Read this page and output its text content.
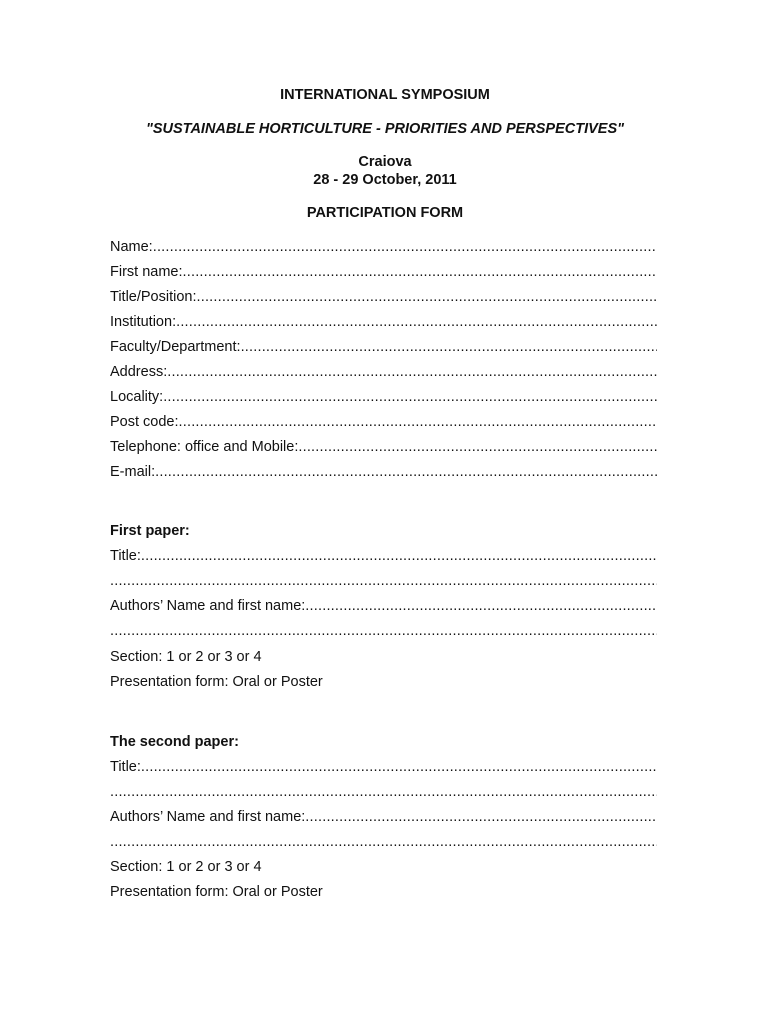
INTERNATIONAL SYMPOSIUM
"SUSTAINABLE HORTICULTURE - PRIORITIES AND PERSPECTIVES"
Craiova
28 - 29 October, 2011
PARTICIPATION FORM
Name:
.....
First name:
.....
Title/Position:
.....
Institution:
.....
Faculty/Department:
.....
Address:
.....
Locality:
.....
Post code:
.....
Telephone: office and Mobile:
.....
E-mail:
.....
First paper:
Title:
.....
.....
Authors’ Name and first name:
.....
.....
Section: 1 or 2 or 3 or 4
Presentation form: Oral or Poster
The second paper:
Title:
.....
.....
Authors’ Name and first name:
.....
.....
Section: 1 or 2 or 3 or 4
Presentation form: Oral or Poster
